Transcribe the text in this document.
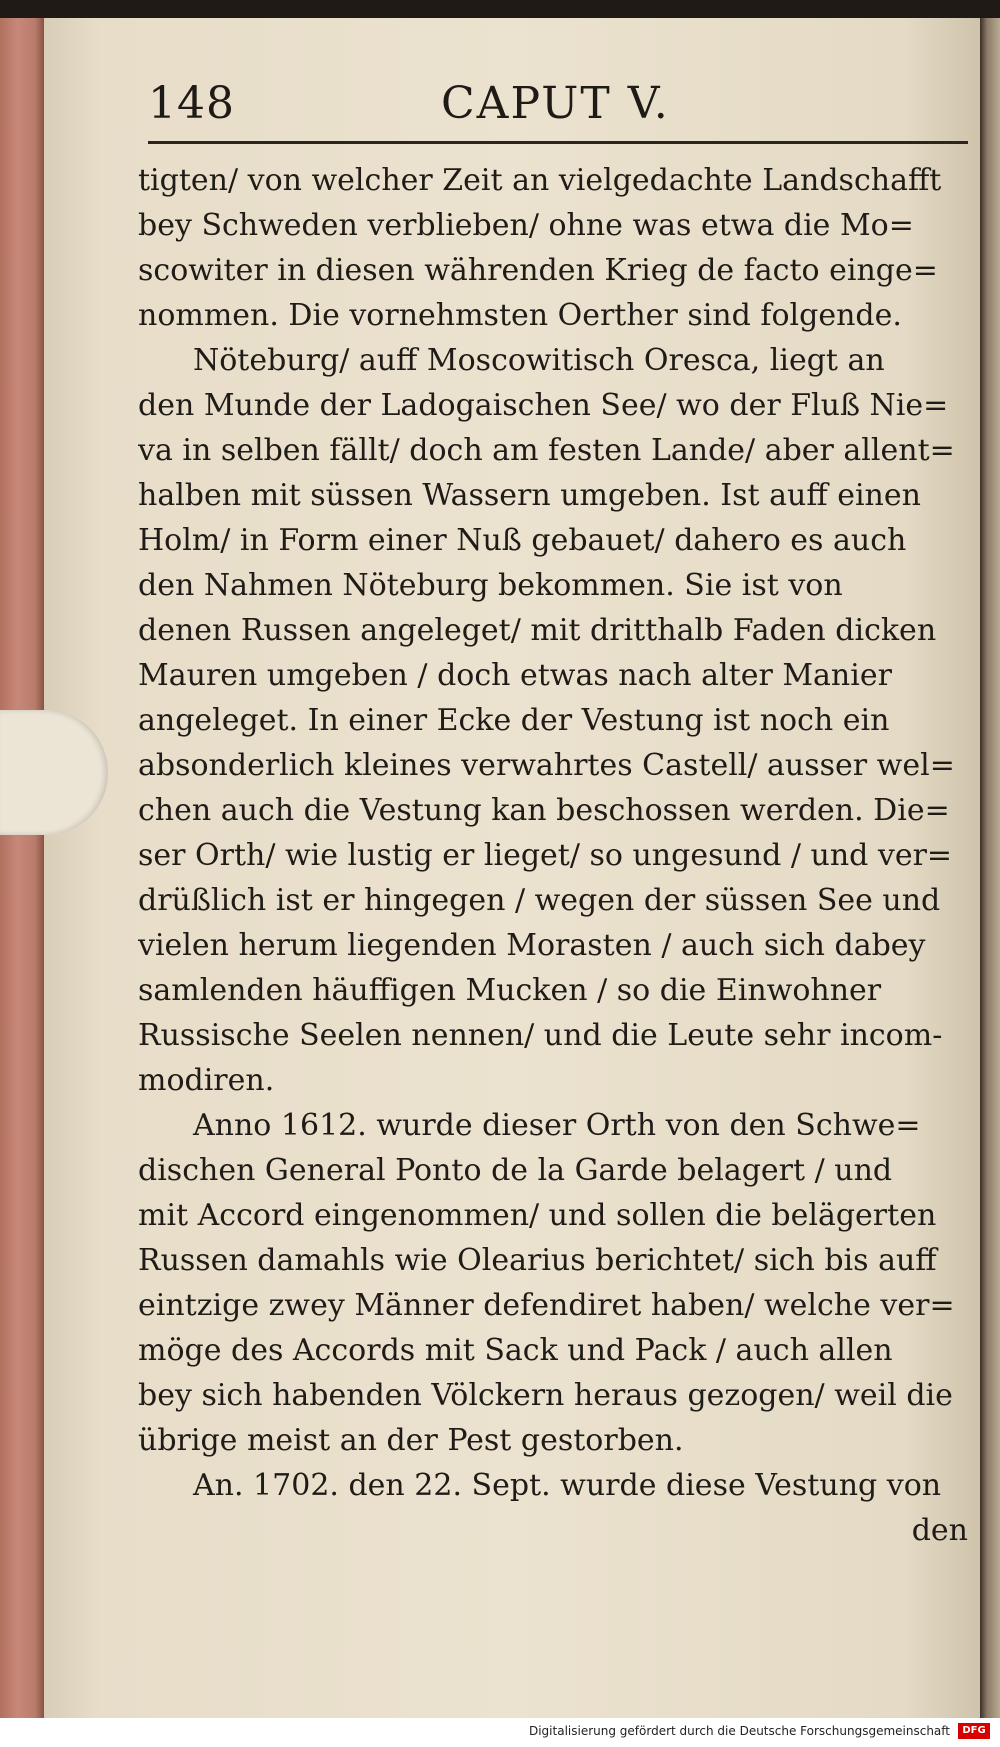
148	CAPUT V.
tigten/ von welcher Zeit an vielgedachte Landschafft
bey Schweden verblieben/ ohne was etwa die Mo=
scowiter in diesen währenden Krieg de facto einge=
nommen. Die vornehmsten Oerther sind folgende.
Nöteburg/ auff Moscowitisch Oresca, liegt an
den Munde der Ladogaischen See/ wo der Fluß Nie=
va in selben fällt/ doch am festen Lande/ aber allent=
halben mit süssen Wassern umgeben. Ist auff einen
Holm/ in Form einer Nuß gebauet/ dahero es auch
den Nahmen Nöteburg bekommen. Sie ist von
denen Russen angeleget/ mit dritthalb Faden dicken
Mauren umgeben / doch etwas nach alter Manier
angeleget. In einer Ecke der Vestung ist noch ein
absonderlich kleines verwahrtes Castell/ ausser wel=
chen auch die Vestung kan beschossen werden. Die=
ser Orth/ wie lustig er lieget/ so ungesund / und ver=
drüßlich ist er hingegen / wegen der süssen See und
vielen herum liegenden Morasten / auch sich dabey
samlenden häuffigen Mucken / so die Einwohner
Russische Seelen nennen/ und die Leute sehr incom-
modiren.
Anno 1612. wurde dieser Orth von den Schwe=
dischen General Ponto de la Garde belagert / und
mit Accord eingenommen/ und sollen die belägerten
Russen damahls wie Olearius berichtet/ sich bis auff
eintzige zwey Männer defendiret haben/ welche ver=
möge des Accords mit Sack und Pack / auch allen
bey sich habenden Völckern heraus gezogen/ weil die
übrige meist an der Pest gestorben.
An. 1702. den 22. Sept. wurde diese Vestung von
den
Digitalisierung gefördert durch die Deutsche Forschungsgemeinschaft	DFG
